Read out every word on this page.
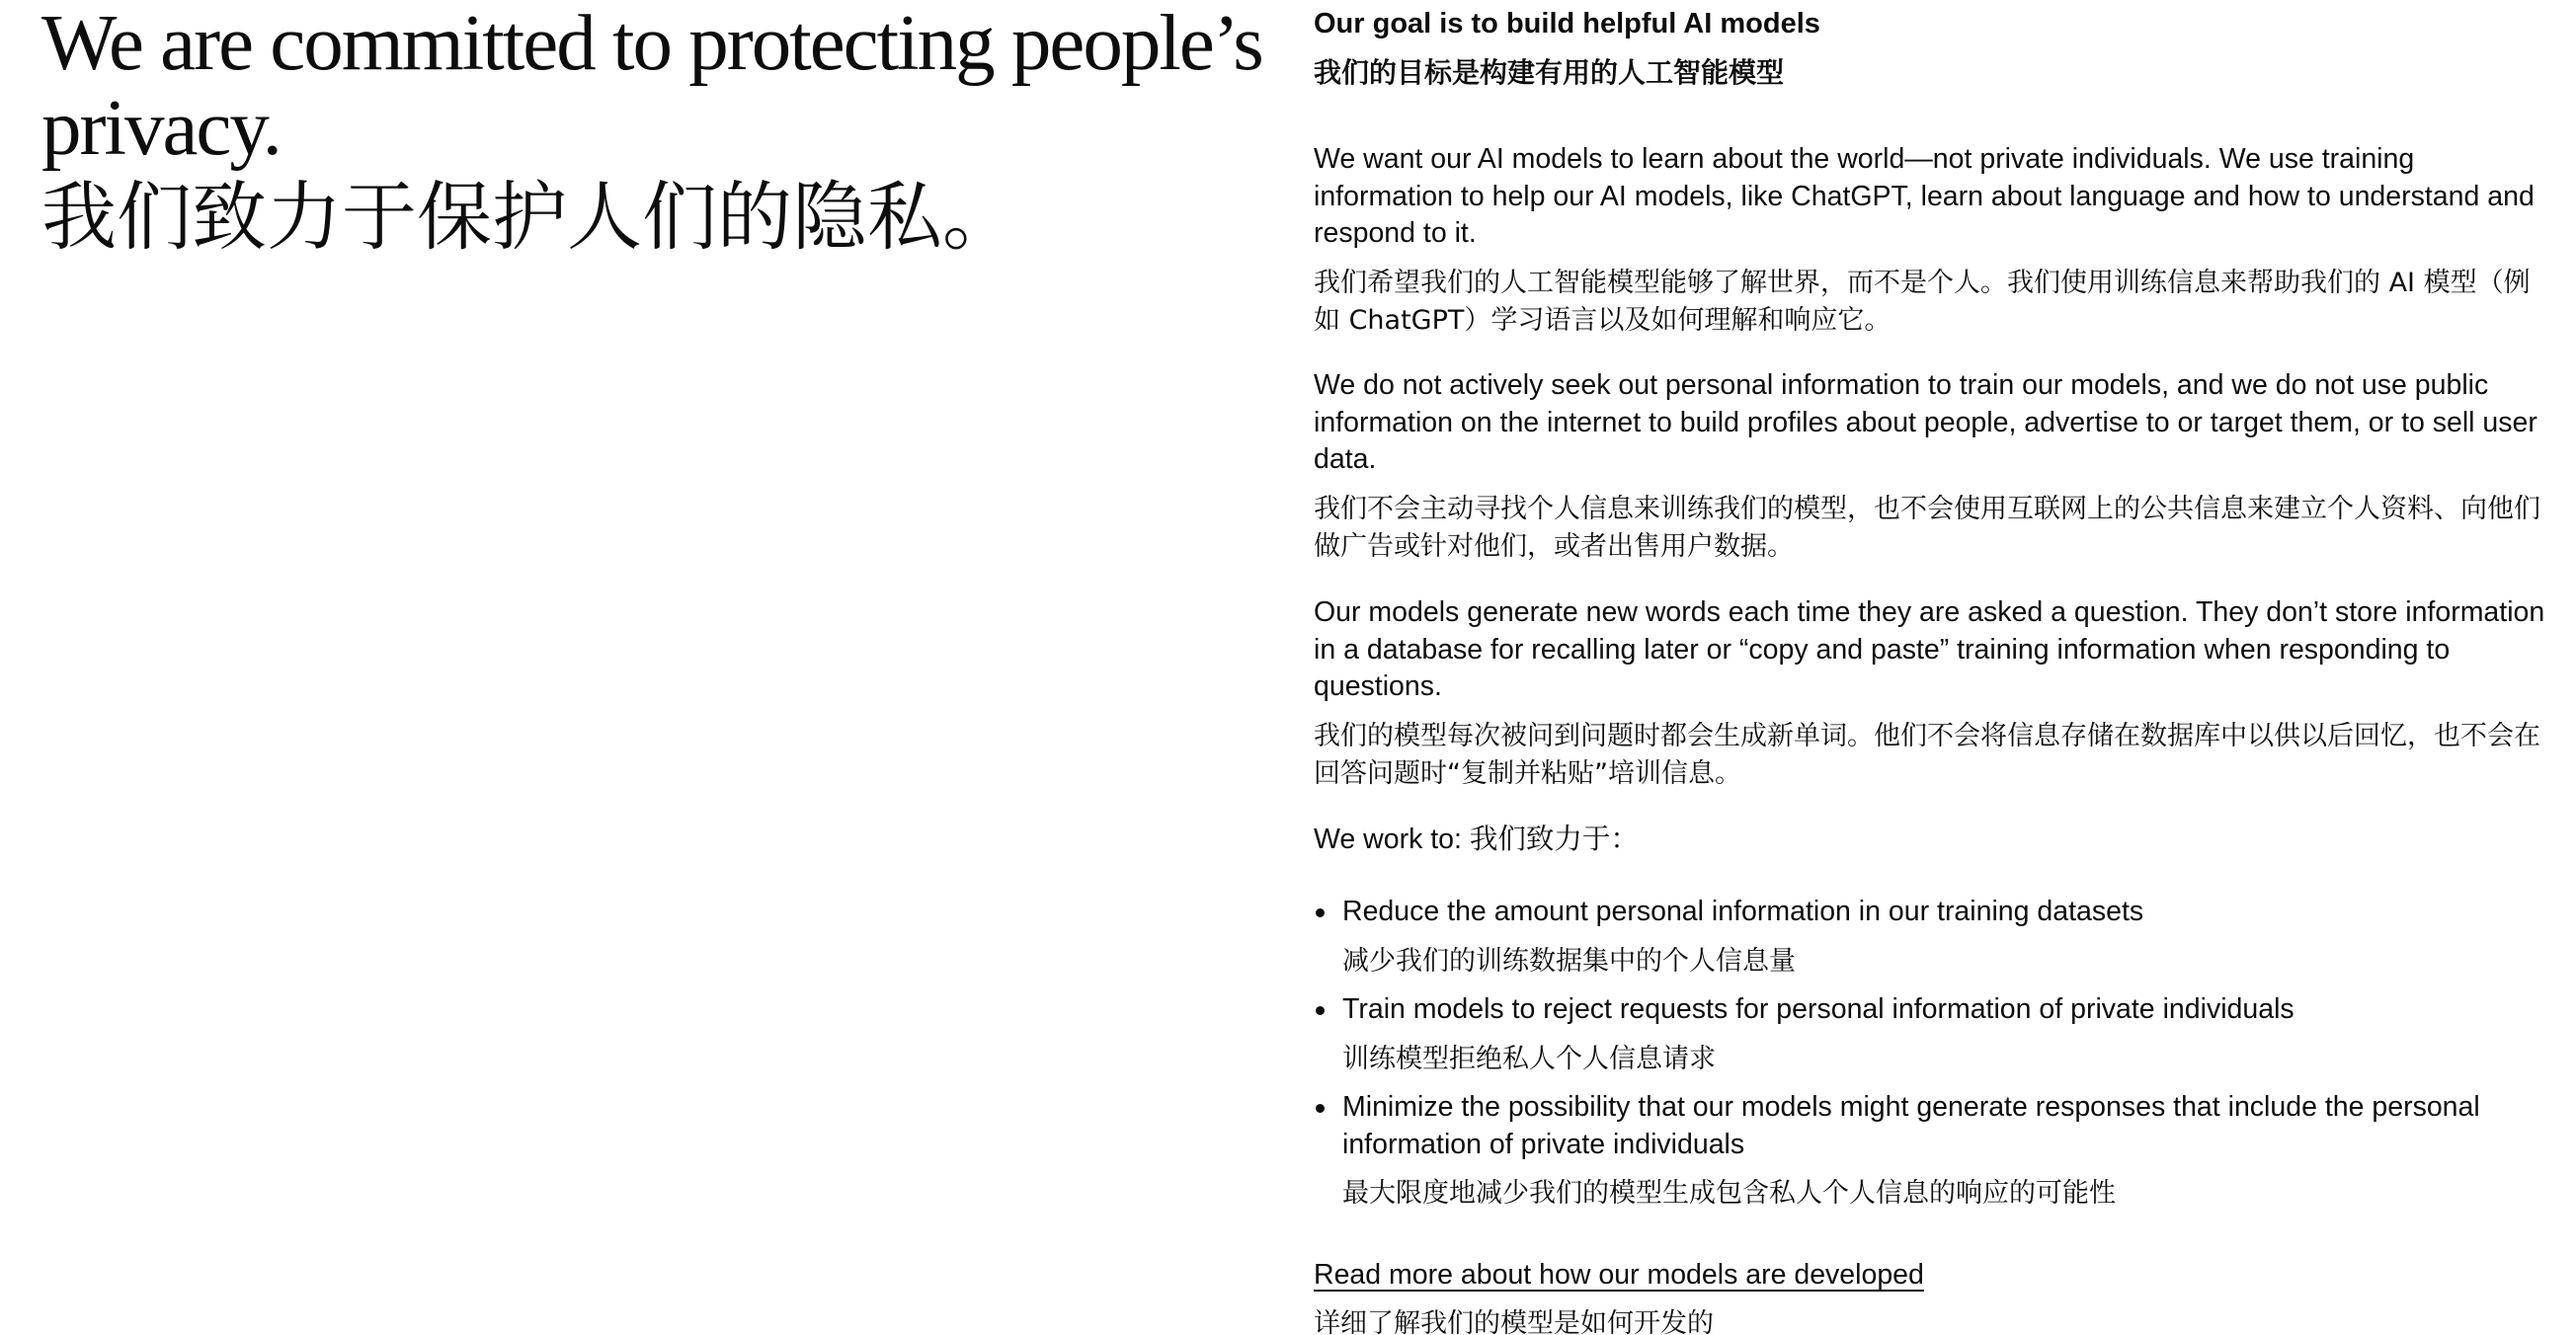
We are committed to protecting people’s privacy.
我们致力于保护人们的隐私。
Our goal is to build helpful AI models
我们的目标是构建有用的人工智能模型

We want our AI models to learn about the world—not private individuals. We use training information to help our AI models, like ChatGPT, learn about language and how to understand and respond to it.

我们希望我们的人工智能模型能够了解世界，而不是个人。我们使用训练信息来帮助我们的 AI 模型（例如 ChatGPT）学习语言以及如何理解和响应它。

We do not actively seek out personal information to train our models, and we do not use public information on the internet to build profiles about people, advertise to or target them, or to sell user data.

我们不会主动寻找个人信息来训练我们的模型，也不会使用互联网上的公共信息来建立个人资料、向他们做广告或针对他们，或者出售用户数据。

Our models generate new words each time they are asked a question. They don’t store information in a database for recalling later or “copy and paste” training information when responding to questions.

我们的模型每次被问到问题时都会生成新单词。他们不会将信息存储在数据库中以供以后回忆，也不会在回答问题时“复制并粘贴”培训信息。

We work to: 我们致力于：

Reduce the amount personal information in our training datasets
减少我们的训练数据集中的个人信息量
Train models to reject requests for personal information of private individuals
训练模型拒绝私人个人信息请求
Minimize the possibility that our models might generate responses that include the personal information of private individuals
最大限度地减少我们的模型生成包含私人个人信息的响应的可能性
Read more about how our models are developed
详细了解我们的模型是如何开发的
